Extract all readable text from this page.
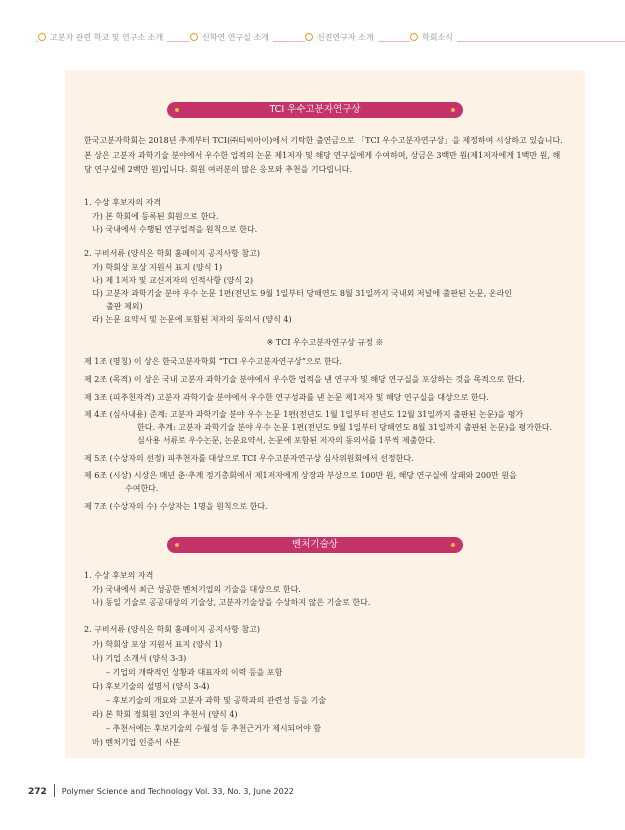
고분자 관련 학교 및 연구소 소개	신학연 연구실 소개	신진연구자 소개	학회소식
TCI 우수고분자연구상
한국고분자학회는 2018년 추계부터 TCI(㈜티씨아이)에서 기탁한 출연금으로 「TCI 우수고분자연구상」을 제정하여 시상하고 있습니다. 본 상은 고분자 과학기술 분야에서 우수한 업적의 논문 제1저자 및 해당 연구실에게 수여하며, 상금은 3백만 원(제1저자에게 1백만 원, 해당 연구실에 2백만 원)입니다. 회원 여러분의 많은 응모와 추천을 기다립니다.
1. 수상 후보자의 자격
가) 본 학회에 등록된 회원으로 한다.
나) 국내에서 수행된 연구업적을 원칙으로 한다.
2. 구비서류 (양식은 학회 홈페이지 공지사항 참고)
가) 학회상 포상 지원서 표지 (양식 1)
나) 제 1저자 및 교신저자의 인적사항 (양식 2)
다) 고분자 과학기술 분야 우수 논문 1편(전년도 9월 1일부터 당해연도 8월 31일까지 국내외 저널에 출판된 논문, 온라인
출판 제외)
라) 논문 요약서 및 논문에 포함된 저자의 동의서 (양식 4)
※ TCI 우수고분자연구상 규정 ※
제 1조 (명칭) 이 상은 한국고분자학회 “TCI 우수고분자연구상”으로 한다.
제 2조 (목적) 이 상은 국내 고분자 과학기술 분야에서 우수한 업적을 낸 연구자 및 해당 연구실을 포상하는 것을 목적으로 한다.
제 3조 (피추천자격) 고분자 과학기술 분야에서 우수한 연구성과를 낸 논문 제1저자 및 해당 연구실을 대상으로 한다.
제 4조 (심사내용) 준계: 고분자 과학기술 분야 우수 논문 1편(전년도 1월 1일부터 전년도 12월 31일까지 출판된 논문)을 평가
한다. 추계: 고분자 과학기술 분야 우수 논문 1편(전년도 9월 1일부터 당해연도 8월 31일까지 출판된 논문)을 평가한다.
심사용 서류로 우수논문, 논문요약서, 논문에 포함된 저자의 동의서를 1부씩 제출한다.
제 5조 (수상자의 선정) 피추천자를 대상으로 TCI 우수고분자연구상 심사위원회에서 선정한다.
제 6조 (시상) 시상은 매년 춘·추계 정기총회에서 제1저자에게 상장과 부상으로 100만 원, 해당 연구실에 상패와 200만 원을
수여한다.
제 7조 (수상자의 수) 수상자는 1명을 원칙으로 한다.
벤처기술상
1. 수상 후보의 자격
가) 국내에서 최근 성공한 벤처기업의 기술을 대상으로 한다.
나) 동일 기술로 공공대상의 기술상, 고분자기술상을 수상하지 않은 기술로 한다.
2. 구비서류 (양식은 학회 홈페이지 공지사항 참고)
가) 학회상 포상 지원서 표지 (양식 1)
나) 기업 소개서 (양식 3-3)
– 기업의 개략적인 상황과 대표자의 이력 등을 포함
다) 후보기술의 설명서 (양식 3-4)
– 후보기술의 개요와 고분자 과학 및 공학과의 관련성 등을 기술
라) 본 학회 정회원 3인의 추천서 (양식 4)
– 추천서에는 후보기술의 수월성 등 추천근거가 제시되어야 함
마) 벤처기업 인증서 사본
272 Polymer Science and Technology Vol. 33, No. 3, June 2022
